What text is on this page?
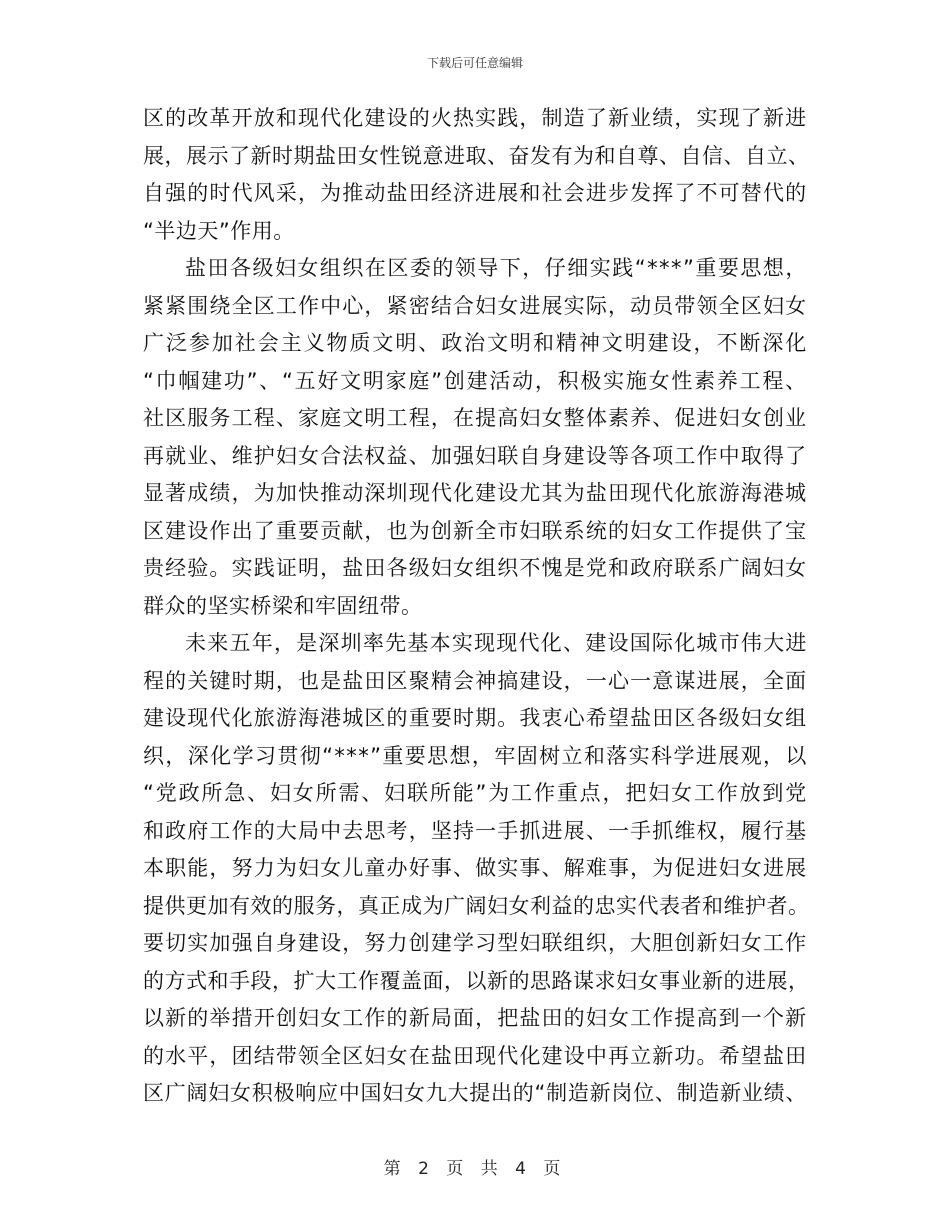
下载后可任意编辑
区 的 改 革 开 放 和 现 代 化 建 设 的 火 热 实 践 ， 制 造 了 新 业 绩 ， 实 现 了 新 进
展 ， 展 示 了 新 时 期 盐 田 女 性 锐 意 进 取 、 奋 发 有 为 和 自 尊 、 自 信 、 自 立 、
自 强 的 时 代 风 采 ， 为 推 动 盐 田 经 济 进 展 和 社 会 进 步 发 挥 了 不 可 替 代 的
“半边天”作用。
盐 田 各 级 妇 女 组 织 在 区 委 的 领 导 下 ， 仔 细 实 践 “ * * * ” 重 要 思 想 ，
紧 紧 围 绕 全 区 工 作 中 心 ， 紧 密 结 合 妇 女 进 展 实 际 ， 动 员 带 领 全 区 妇 女
广 泛 参 加 社 会 主 义 物 质 文 明 、 政 治 文 明 和 精 神 文 明 建 设 ， 不 断 深 化
“ 巾 帼 建 功 ” 、 “ 五 好 文 明 家 庭 ” 创 建 活 动 ， 积 极 实 施 女 性 素 养 工 程 、
社 区 服 务 工 程 、 家 庭 文 明 工 程 ， 在 提 高 妇 女 整 体 素 养 、 促 进 妇 女 创 业
再 就 业 、 维 护 妇 女 合 法 权 益 、 加 强 妇 联 自 身 建 设 等 各 项 工 作 中 取 得 了
显 著 成 绩 ， 为 加 快 推 动 深 圳 现 代 化 建 设 尤 其 为 盐 田 现 代 化 旅 游 海 港 城
区 建 设 作 出 了 重 要 贡 献 ， 也 为 创 新 全 市 妇 联 系 统 的 妇 女 工 作 提 供 了 宝
贵 经 验 。 实 践 证 明 ， 盐 田 各 级 妇 女 组 织 不 愧 是 党 和 政 府 联 系 广 阔 妇 女
群众的坚实桥梁和牢固纽带。
未 来 五 年 ， 是 深 圳 率 先 基 本 实 现 现 代 化 、 建 设 国 际 化 城 市 伟 大 进
程 的 关 键 时 期 ， 也 是 盐 田 区 聚 精 会 神 搞 建 设 ， 一 心 一 意 谋 进 展 ， 全 面
建 设 现 代 化 旅 游 海 港 城 区 的 重 要 时 期 。 我 衷 心 希 望 盐 田 区 各 级 妇 女 组
织 ， 深 化 学 习 贯 彻 “ * * * ” 重 要 思 想 ， 牢 固 树 立 和 落 实 科 学 进 展 观 ， 以
“ 党 政 所 急 、 妇 女 所 需 、 妇 联 所 能 ” 为 工 作 重 点 ， 把 妇 女 工 作 放 到 党
和 政 府 工 作 的 大 局 中 去 思 考 ， 坚 持 一 手 抓 进 展 、 一 手 抓 维 权 ， 履 行 基
本 职 能 ， 努 力 为 妇 女 儿 童 办 好 事 、 做 实 事 、 解 难 事 ， 为 促 进 妇 女 进 展
提 供 更 加 有 效 的 服 务 ， 真 正 成 为 广 阔 妇 女 利 益 的 忠 实 代 表 者 和 维 护 者 。
要 切 实 加 强 自 身 建 设 ， 努 力 创 建 学 习 型 妇 联 组 织 ， 大 胆 创 新 妇 女 工 作
的 方 式 和 手 段 ， 扩 大 工 作 覆 盖 面 ， 以 新 的 思 路 谋 求 妇 女 事 业 新 的 进 展 ，
以 新 的 举 措 开 创 妇 女 工 作 的 新 局 面 ， 把 盐 田 的 妇 女 工 作 提 高 到 一 个 新
的 水 平 ， 团 结 带 领 全 区 妇 女 在 盐 田 现 代 化 建 设 中 再 立 新 功 。 希 望 盐 田
区 广 阔 妇 女 积 极 响 应 中 国 妇 女 九 大 提 出 的 “ 制 造 新 岗 位 、 制 造 新 业 绩 、
第 2 页 共 4 页
